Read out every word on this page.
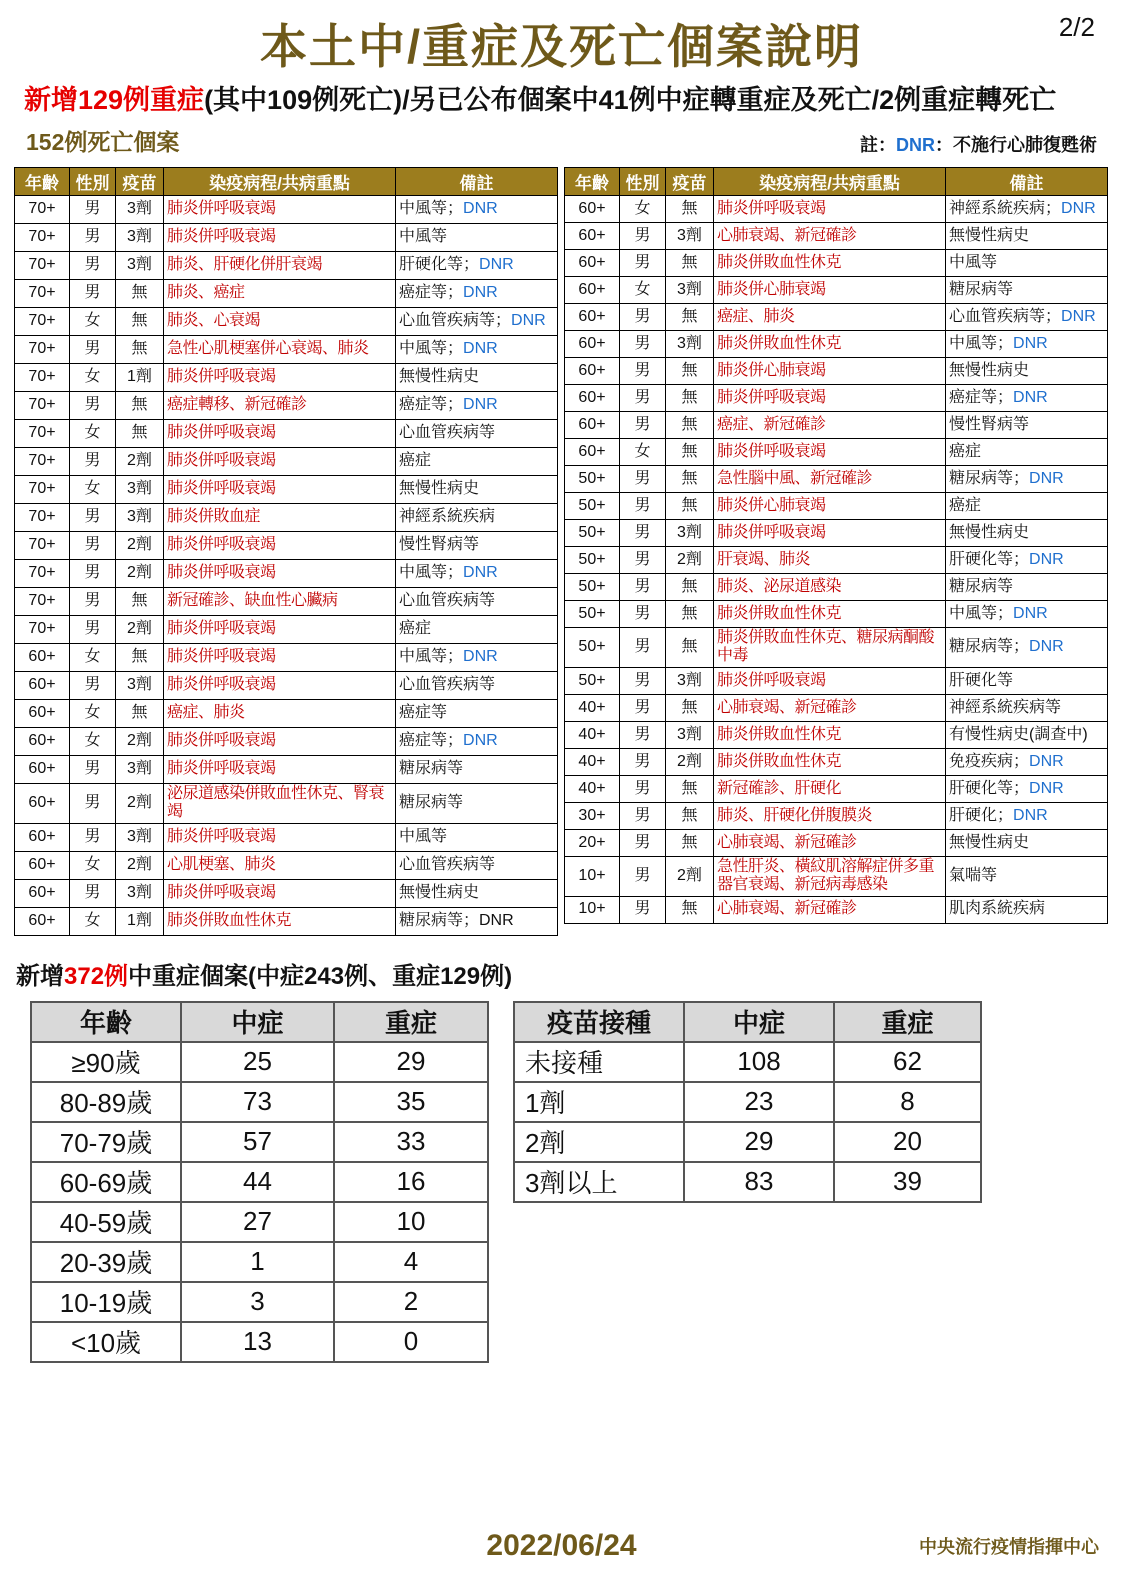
2/2
本土中/重症及死亡個案說明
新增129例重症(其中109例死亡)/另已公布個案中41例中症轉重症及死亡/2例重症轉死亡
152例死亡個案	註：DNR：不施行心肺復甦術
年齡	性別	疫苗	染疫病程/共病重點	備註
70+	男	3劑	肺炎併呼吸衰竭	中風等；DNR
70+	男	3劑	肺炎併呼吸衰竭	中風等
70+	男	3劑	肺炎、肝硬化併肝衰竭	肝硬化等；DNR
70+	男	無	肺炎、癌症	癌症等；DNR
70+	女	無	肺炎、心衰竭	心血管疾病等；DNR
70+	男	無	急性心肌梗塞併心衰竭、肺炎	中風等；DNR
70+	女	1劑	肺炎併呼吸衰竭	無慢性病史
70+	男	無	癌症轉移、新冠確診	癌症等；DNR
70+	女	無	肺炎併呼吸衰竭	心血管疾病等
70+	男	2劑	肺炎併呼吸衰竭	癌症
70+	女	3劑	肺炎併呼吸衰竭	無慢性病史
70+	男	3劑	肺炎併敗血症	神經系統疾病
70+	男	2劑	肺炎併呼吸衰竭	慢性腎病等
70+	男	2劑	肺炎併呼吸衰竭	中風等；DNR
70+	男	無	新冠確診、缺血性心臟病	心血管疾病等
70+	男	2劑	肺炎併呼吸衰竭	癌症
60+	女	無	肺炎併呼吸衰竭	中風等；DNR
60+	男	3劑	肺炎併呼吸衰竭	心血管疾病等
60+	女	無	癌症、肺炎	癌症等
60+	女	2劑	肺炎併呼吸衰竭	癌症等；DNR
60+	男	3劑	肺炎併呼吸衰竭	糖尿病等
60+	男	2劑	泌尿道感染併敗血性休克、腎衰竭	糖尿病等
60+	男	3劑	肺炎併呼吸衰竭	中風等
60+	女	2劑	心肌梗塞、肺炎	心血管疾病等
60+	男	3劑	肺炎併呼吸衰竭	無慢性病史
60+	女	1劑	肺炎併敗血性休克	糖尿病等；DNR
年齡	性別	疫苗	染疫病程/共病重點	備註
60+	女	無	肺炎併呼吸衰竭	神經系統疾病；DNR
60+	男	3劑	心肺衰竭、新冠確診	無慢性病史
60+	男	無	肺炎併敗血性休克	中風等
60+	女	3劑	肺炎併心肺衰竭	糖尿病等
60+	男	無	癌症、肺炎	心血管疾病等；DNR
60+	男	3劑	肺炎併敗血性休克	中風等；DNR
60+	男	無	肺炎併心肺衰竭	無慢性病史
60+	男	無	肺炎併呼吸衰竭	癌症等；DNR
60+	男	無	癌症、新冠確診	慢性腎病等
60+	女	無	肺炎併呼吸衰竭	癌症
50+	男	無	急性腦中風、新冠確診	糖尿病等；DNR
50+	男	無	肺炎併心肺衰竭	癌症
50+	男	3劑	肺炎併呼吸衰竭	無慢性病史
50+	男	2劑	肝衰竭、肺炎	肝硬化等；DNR
50+	男	無	肺炎、泌尿道感染	糖尿病等
50+	男	無	肺炎併敗血性休克	中風等；DNR
50+	男	無	肺炎併敗血性休克、糖尿病酮酸中毒	糖尿病等；DNR
50+	男	3劑	肺炎併呼吸衰竭	肝硬化等
40+	男	無	心肺衰竭、新冠確診	神經系統疾病等
40+	男	3劑	肺炎併敗血性休克	有慢性病史(調查中)
40+	男	2劑	肺炎併敗血性休克	免疫疾病；DNR
40+	男	無	新冠確診、肝硬化	肝硬化等；DNR
30+	男	無	肺炎、肝硬化併腹膜炎	肝硬化；DNR
20+	男	無	心肺衰竭、新冠確診	無慢性病史
10+	男	2劑	急性肝炎、橫紋肌溶解症併多重器官衰竭、新冠病毒感染	氣喘等
10+	男	無	心肺衰竭、新冠確診	肌肉系統疾病
新增372例中重症個案(中症243例、重症129例)
年齡	中症	重症
≥90歲	25	29
80-89歲	73	35
70-79歲	57	33
60-69歲	44	16
40-59歲	27	10
20-39歲	1	4
10-19歲	3	2
<10歲	13	0
疫苗接種	中症	重症
未接種	108	62
1劑	23	8
2劑	29	20
3劑以上	83	39
2022/06/24	中央流行疫情指揮中心
